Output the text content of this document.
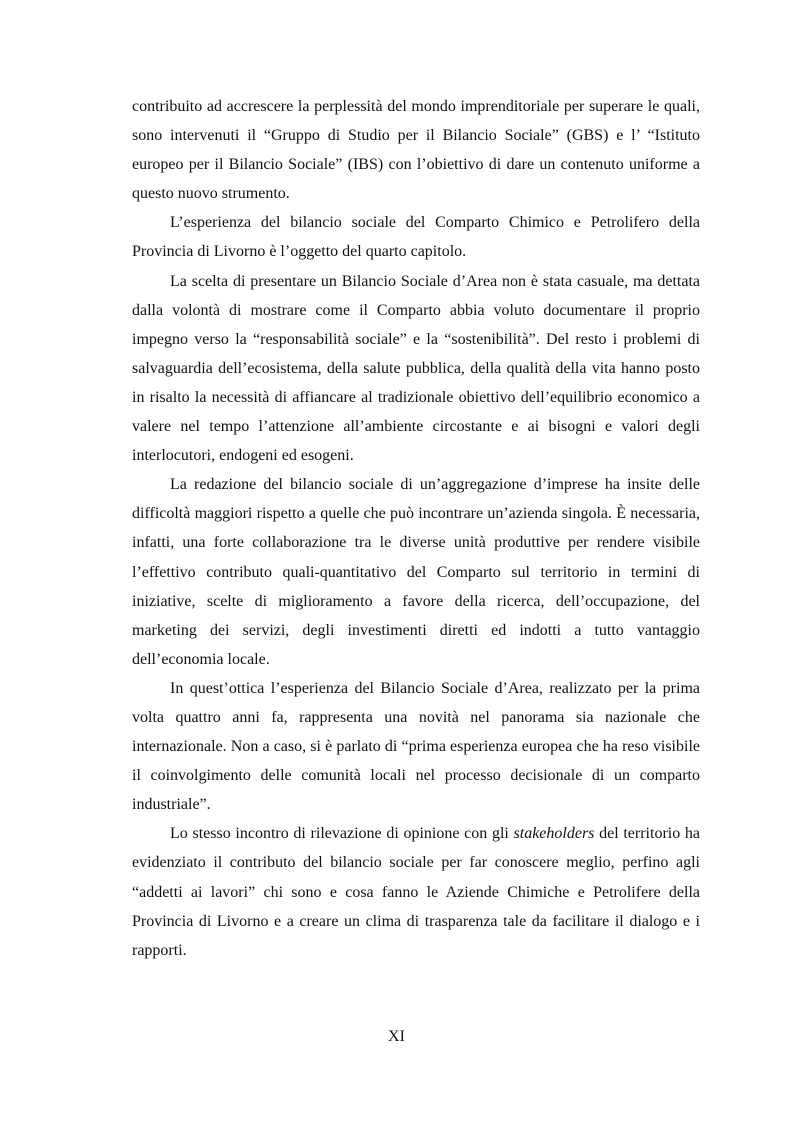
contribuito ad accrescere la perplessità del mondo imprenditoriale per superare le quali, sono intervenuti il “Gruppo di Studio per il Bilancio Sociale” (GBS) e l’ “Istituto europeo per il Bilancio Sociale” (IBS) con l’obiettivo di dare un contenuto uniforme a questo nuovo strumento.

L’esperienza del bilancio sociale del Comparto Chimico e Petrolifero della Provincia di Livorno è l’oggetto del quarto capitolo.

La scelta di presentare un Bilancio Sociale d’Area non è stata casuale, ma dettata dalla volontà di mostrare come il Comparto abbia voluto documentare il proprio impegno verso la “responsabilità sociale” e la “sostenibilità”. Del resto i problemi di salvaguardia dell’ecosistema, della salute pubblica, della qualità della vita hanno posto in risalto la necessità di affiancare al tradizionale obiettivo dell’equilibrio economico a valere nel tempo l’attenzione all’ambiente circostante e ai bisogni e valori degli interlocutori, endogeni ed esogeni.

La redazione del bilancio sociale di un’aggregazione d’imprese ha insite delle difficoltà maggiori rispetto a quelle che può incontrare un’azienda singola. È necessaria, infatti, una forte collaborazione tra le diverse unità produttive per rendere visibile l’effettivo contributo quali-quantitativo del Comparto sul territorio in termini di iniziative, scelte di miglioramento a favore della ricerca, dell’occupazione, del marketing dei servizi, degli investimenti diretti ed indotti a tutto vantaggio dell’economia locale.

In quest’ottica l’esperienza del Bilancio Sociale d’Area, realizzato per la prima volta quattro anni fa, rappresenta una novità nel panorama sia nazionale che internazionale. Non a caso, si è parlato di “prima esperienza europea che ha reso visibile il coinvolgimento delle comunità locali nel processo decisionale di un comparto industriale”.

Lo stesso incontro di rilevazione di opinione con gli stakeholders del territorio ha evidenziato il contributo del bilancio sociale per far conoscere meglio, perfino agli “addetti ai lavori” chi sono e cosa fanno le Aziende Chimiche e Petrolifere della Provincia di Livorno e a creare un clima di trasparenza tale da facilitare il dialogo e i rapporti.

XI
